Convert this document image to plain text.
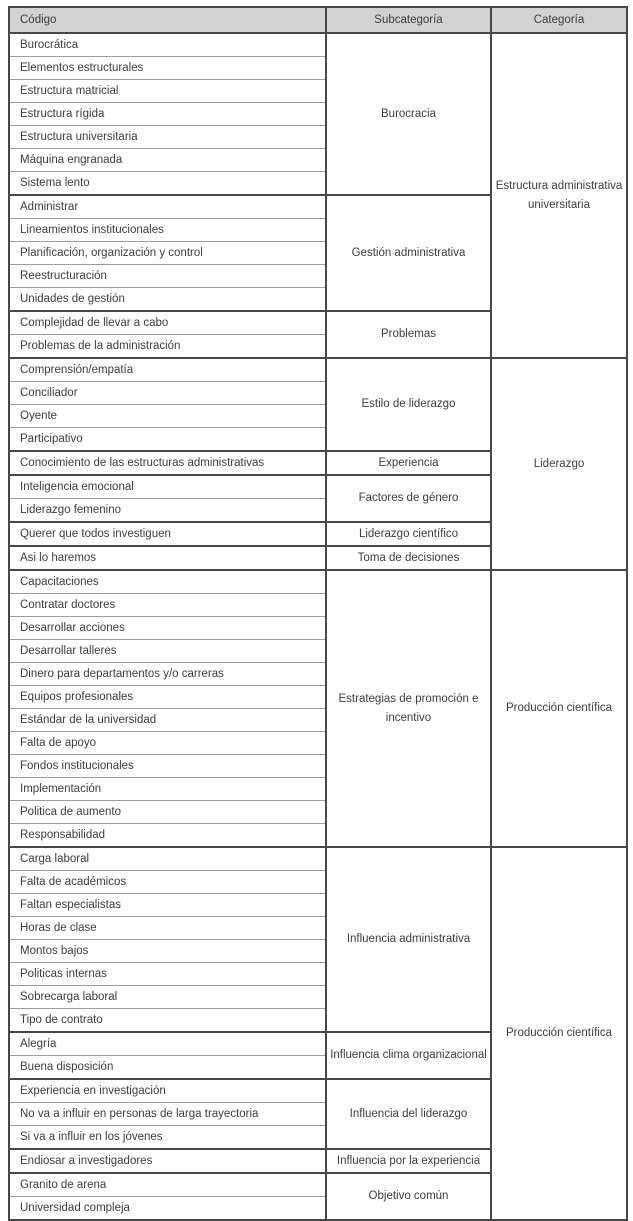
Código	Subcategoría	Categoría
Burocrática	Burocracia	Estructura administrativa universitaria
Elementos estructurales		
Estructura matricial		
Estructura rígida		
Estructura universitaria		
Máquina engranada		
Sistema lento		
Administrar	Gestión administrativa	
Lineamientos institucionales		
Planificación, organización y control		
Reestructuración		
Unidades de gestión		
Complejidad de llevar a cabo	Problemas	
Problemas de la administración		
Comprensión/empatía	Estilo de liderazgo	Liderazgo
Conciliador		
Oyente		
Participativo		
Conocimiento de las estructuras administrativas	Experiencia	
Inteligencia emocional	Factores de género	
Liderazgo femenino		
Querer que todos investiguen	Liderazgo científico	
Asi lo haremos	Toma de decisiones	
Capacitaciones	Estrategias de promoción e incentivo	Producción científica
Contratar doctores		
Desarrollar acciones		
Desarrollar talleres		
Dinero para departamentos y/o carreras		
Equipos profesionales		
Estándar de la universidad		
Falta de apoyo		
Fondos institucionales		
Implementación		
Politica de aumento		
Responsabilidad		
Carga laboral	Influencia administrativa	Producción científica
Falta de académicos		
Faltan especialistas		
Horas de clase		
Montos bajos		
Politicas internas		
Sobrecarga laboral		
Tipo de contrato		
Alegría	Influencia clima organizacional	
Buena disposición		
Experiencia en investigación	Influencia del liderazgo	
No va a influir en personas de larga trayectoria		
Si va a influir en los jóvenes		
Endiosar a investigadores	Influencia por la experiencia	
Granito de arena	Objetivo común	
Universidad compleja		
